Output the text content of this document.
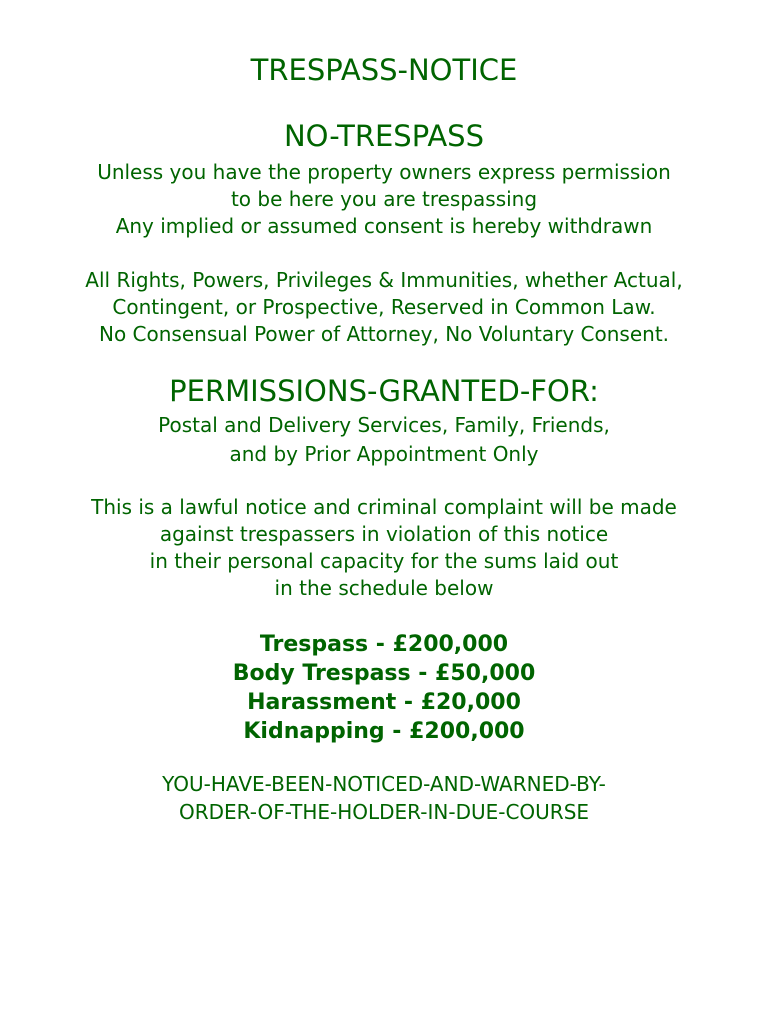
TRESPASS-NOTICE
NO-TRESPASS
Unless you have the property owners express permission
to be here you are trespassing
Any implied or assumed consent is hereby withdrawn
All Rights, Powers, Privileges & Immunities, whether Actual,
Contingent, or Prospective, Reserved in Common Law.
No Consensual Power of Attorney, No Voluntary Consent.
PERMISSIONS-GRANTED-FOR:
Postal and Delivery Services, Family, Friends,
and by Prior Appointment Only
This is a lawful notice and criminal complaint will be made
against trespassers in violation of this notice
in their personal capacity for the sums laid out
in the schedule below
Trespass - £200,000
Body Trespass - £50,000
Harassment - £20,000
Kidnapping - £200,000
YOU-HAVE-BEEN-NOTICED-AND-WARNED-BY-
ORDER-OF-THE-HOLDER-IN-DUE-COURSE
